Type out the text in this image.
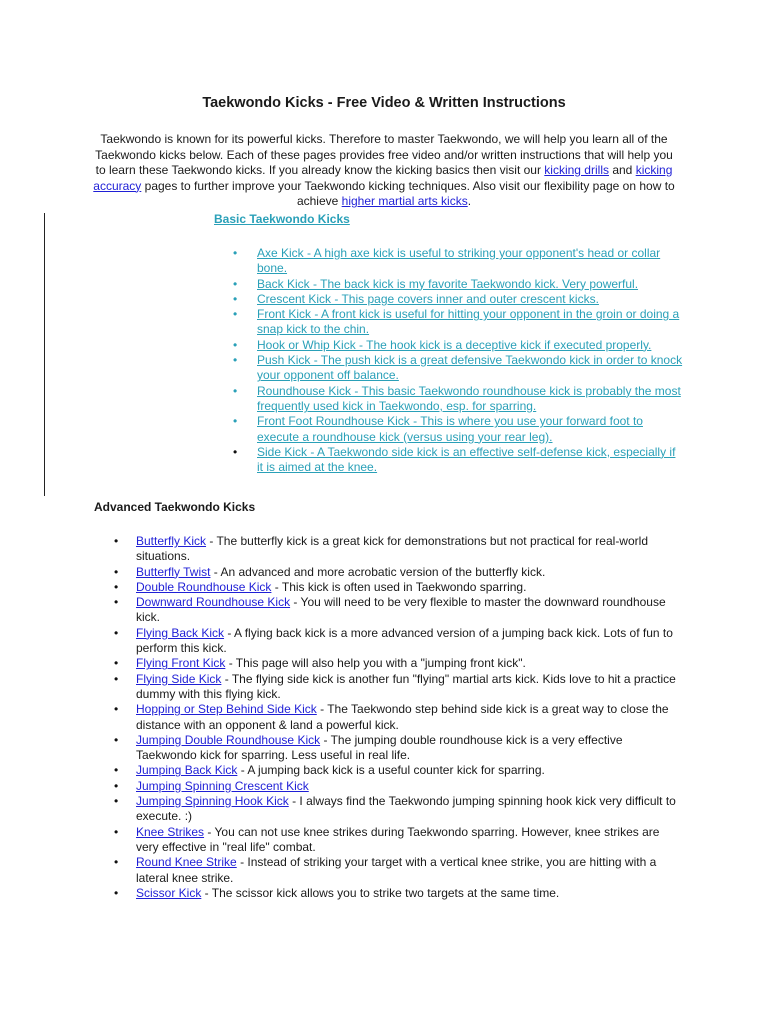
Taekwondo Kicks - Free Video & Written Instructions
Taekwondo is known for its powerful kicks. Therefore to master Taekwondo, we will help you learn all of the Taekwondo kicks below. Each of these pages provides free video and/or written instructions that will help you to learn these Taekwondo kicks. If you already know the kicking basics then visit our kicking drills and kicking accuracy pages to further improve your Taekwondo kicking techniques. Also visit our flexibility page on how to achieve higher martial arts kicks.
Basic Taekwondo Kicks
• Axe Kick - A high axe kick is useful to striking your opponent's head or collar bone.
• Back Kick - The back kick is my favorite Taekwondo kick. Very powerful.
• Crescent Kick - This page covers inner and outer crescent kicks.
• Front Kick - A front kick is useful for hitting your opponent in the groin or doing a snap kick to the chin.
• Hook or Whip Kick - The hook kick is a deceptive kick if executed properly.
• Push Kick - The push kick is a great defensive Taekwondo kick in order to knock your opponent off balance.
• Roundhouse Kick - This basic Taekwondo roundhouse kick is probably the most frequently used kick in Taekwondo, esp. for sparring.
• Front Foot Roundhouse Kick - This is where you use your forward foot to execute a roundhouse kick (versus using your rear leg).
• Side Kick - A Taekwondo side kick is an effective self-defense kick, especially if it is aimed at the knee.
Advanced Taekwondo Kicks
• Butterfly Kick - The butterfly kick is a great kick for demonstrations but not practical for real-world situations.
• Butterfly Twist - An advanced and more acrobatic version of the butterfly kick.
• Double Roundhouse Kick - This kick is often used in Taekwondo sparring.
• Downward Roundhouse Kick - You will need to be very flexible to master the downward roundhouse kick.
• Flying Back Kick - A flying back kick is a more advanced version of a jumping back kick. Lots of fun to perform this kick.
• Flying Front Kick - This page will also help you with a "jumping front kick".
• Flying Side Kick - The flying side kick is another fun "flying" martial arts kick. Kids love to hit a practice dummy with this flying kick.
• Hopping or Step Behind Side Kick - The Taekwondo step behind side kick is a great way to close the distance with an opponent & land a powerful kick.
• Jumping Double Roundhouse Kick - The jumping double roundhouse kick is a very effective Taekwondo kick for sparring. Less useful in real life.
• Jumping Back Kick - A jumping back kick is a useful counter kick for sparring.
• Jumping Spinning Crescent Kick
• Jumping Spinning Hook Kick - I always find the Taekwondo jumping spinning hook kick very difficult to execute. :)
• Knee Strikes - You can not use knee strikes during Taekwondo sparring. However, knee strikes are very effective in "real life" combat.
• Round Knee Strike - Instead of striking your target with a vertical knee strike, you are hitting with a lateral knee strike.
• Scissor Kick - The scissor kick allows you to strike two targets at the same time.
